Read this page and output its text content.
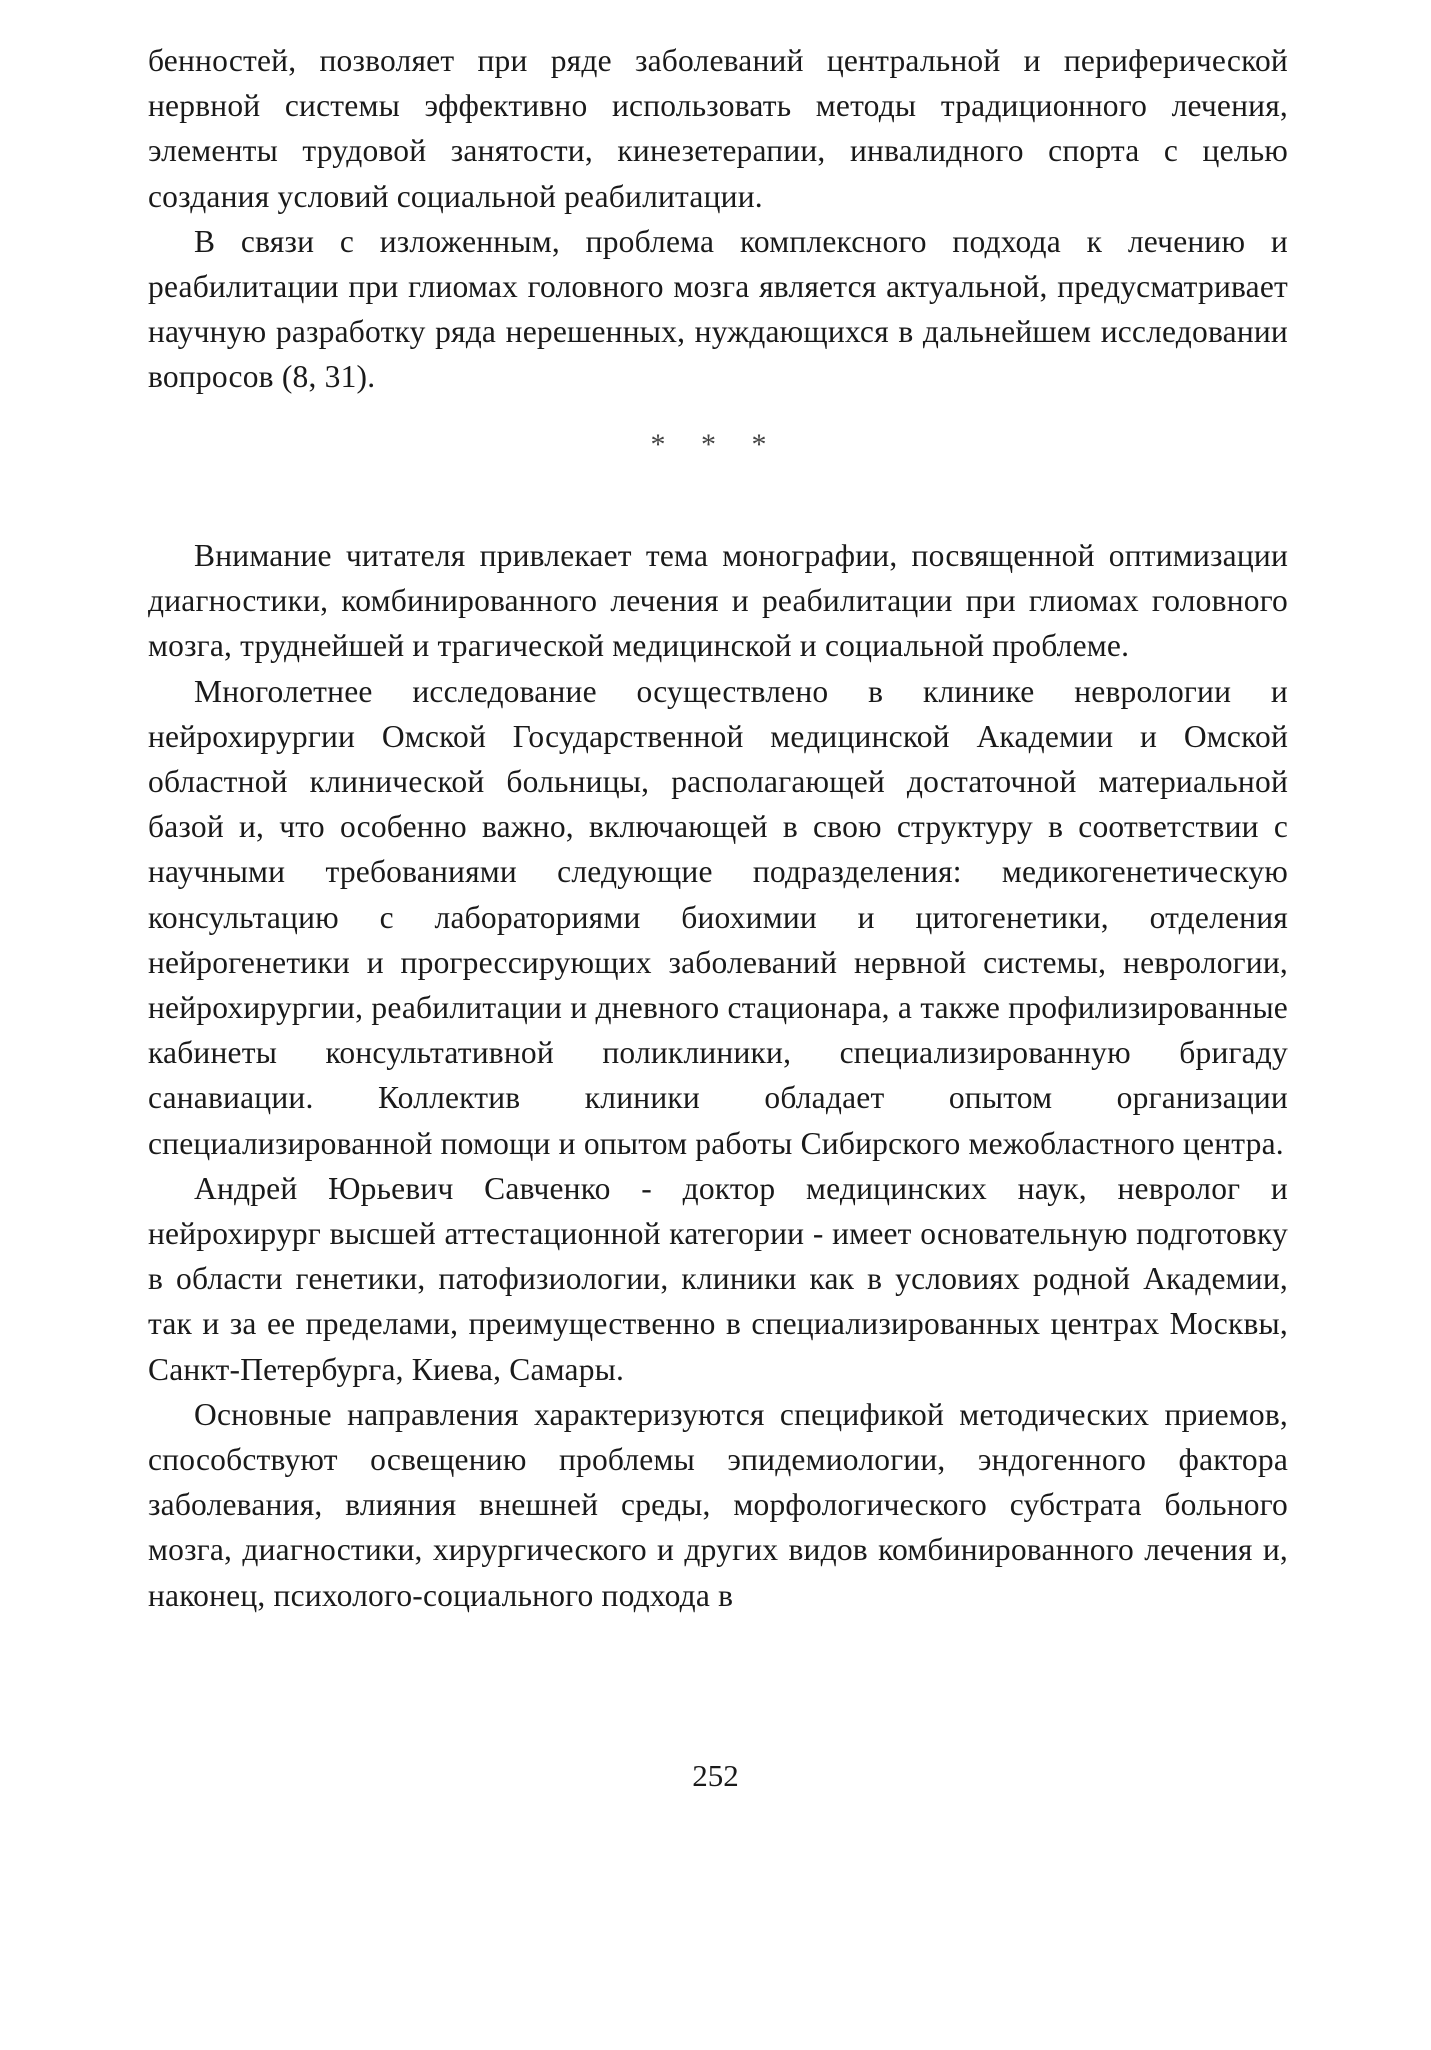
бенностей, позволяет при ряде заболеваний центральной и периферической нервной системы эффективно использовать методы традиционного лечения, элементы трудовой занятости, кинезетерапии, инвалидного спорта с целью создания условий социальной реабилитации.

В связи с изложенным, проблема комплексного подхода к лечению и реабилитации при глиомах головного мозга является актуальной, предусматривает научную разработку ряда нерешенных, нуждающихся в дальнейшем исследовании вопросов (8, 31).

* * *

Внимание читателя привлекает тема монографии, посвященной оптимизации диагностики, комбинированного лечения и реабилитации при глиомах головного мозга, труднейшей и трагической медицинской и социальной проблеме.

Многолетнее исследование осуществлено в клинике неврологии и нейрохирургии Омской Государственной медицинской Академии и Омской областной клинической больницы, располагающей достаточной материальной базой и, что особенно важно, включающей в свою структуру в соответствии с научными требованиями следующие подразделения: медикогенетическую консультацию с лабораториями биохимии и цитогенетики, отделения нейрогенетики и прогрессирующих заболеваний нервной системы, неврологии, нейрохирургии, реабилитации и дневного стационара, а также профилизированные кабинеты консультативной поликлиники, специализированную бригаду санавиации. Коллектив клиники обладает опытом организации специализированной помощи и опытом работы Сибирского межобластного центра.

Андрей Юрьевич Савченко - доктор медицинских наук, невролог и нейрохирург высшей аттестационной категории - имеет основательную подготовку в области генетики, патофизиологии, клиники как в условиях родной Академии, так и за ее пределами, преимущественно в специализированных центрах Москвы, Санкт-Петербурга, Киева, Самары.

Основные направления характеризуются спецификой методических приемов, способствуют освещению проблемы эпидемиологии, эндогенного фактора заболевания, влияния внешней среды, морфологического субстрата больного мозга, диагностики, хирургического и других видов комбинированного лечения и, наконец, психолого-социального подхода в

252
